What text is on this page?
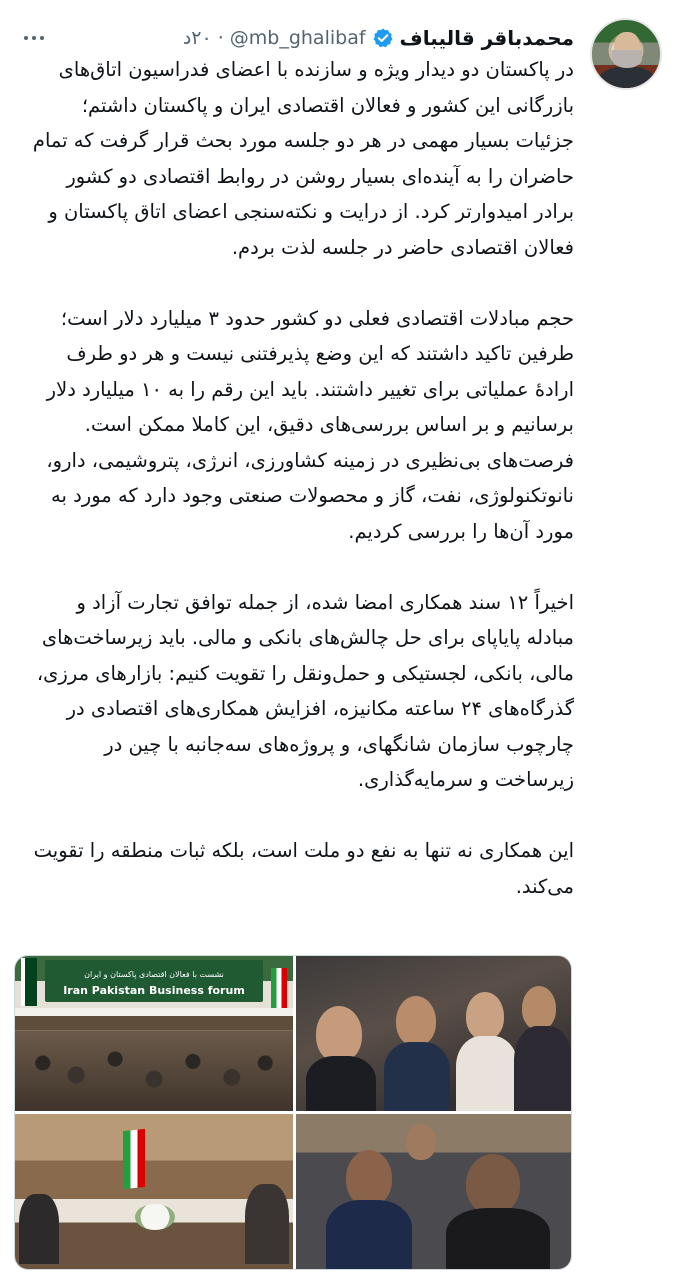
محمدباقر قالیباف
@mb_ghalibaf
·
۲۰د

در پاکستان دو دیدار ویژه و سازنده با اعضای فدراسیون اتاق‌های بازرگانی این کشور و فعالان اقتصادی ایران و پاکستان داشتم؛ جزئیات بسیار مهمی در هر دو جلسه مورد بحث قرار گرفت که تمام حاضران را به آینده‌ای بسیار روشن در روابط اقتصادی دو کشور برادر امیدوارتر کرد. از درایت و نکته‌سنجی اعضای اتاق پاکستان و فعالان اقتصادی حاضر در جلسه لذت بردم.

حجم مبادلات اقتصادی فعلی دو کشور حدود ۳ میلیارد دلار است؛ طرفین تاکید داشتند که این وضع پذیرفتنی نیست و هر دو طرف ارادهٔ عملیاتی برای تغییر داشتند. باید این رقم را به ۱۰ میلیارد دلار برسانیم و بر اساس بررسی‌های دقیق، این کاملا ممکن است. فرصت‌های بی‌نظیری در زمینه کشاورزی، انرژی، پتروشیمی، دارو، نانوتکنولوژی، نفت، گاز و محصولات صنعتی وجود دارد که مورد به مورد آن‌ها را بررسی کردیم.

اخیراً ۱۲ سند همکاری امضا شده، از جمله توافق تجارت آزاد و مبادله پایاپای برای حل چالش‌های بانکی و مالی. باید زیرساخت‌های مالی، بانکی، لجستیکی و حمل‌ونقل را تقویت کنیم: بازارهای مرزی، گذرگاه‌های ۲۴ ساعته مکانیزه، افزایش همکاری‌های اقتصادی در چارچوب سازمان شانگهای، و پروژه‌های سه‌جانبه با چین در زیرساخت و سرمایه‌گذاری.

این همکاری نه تنها به نفع دو ملت است، بلکه ثبات منطقه را تقویت می‌کند.

نشست با فعالان اقتصادی پاکستان و ایران
Iran Pakistan Business forum
